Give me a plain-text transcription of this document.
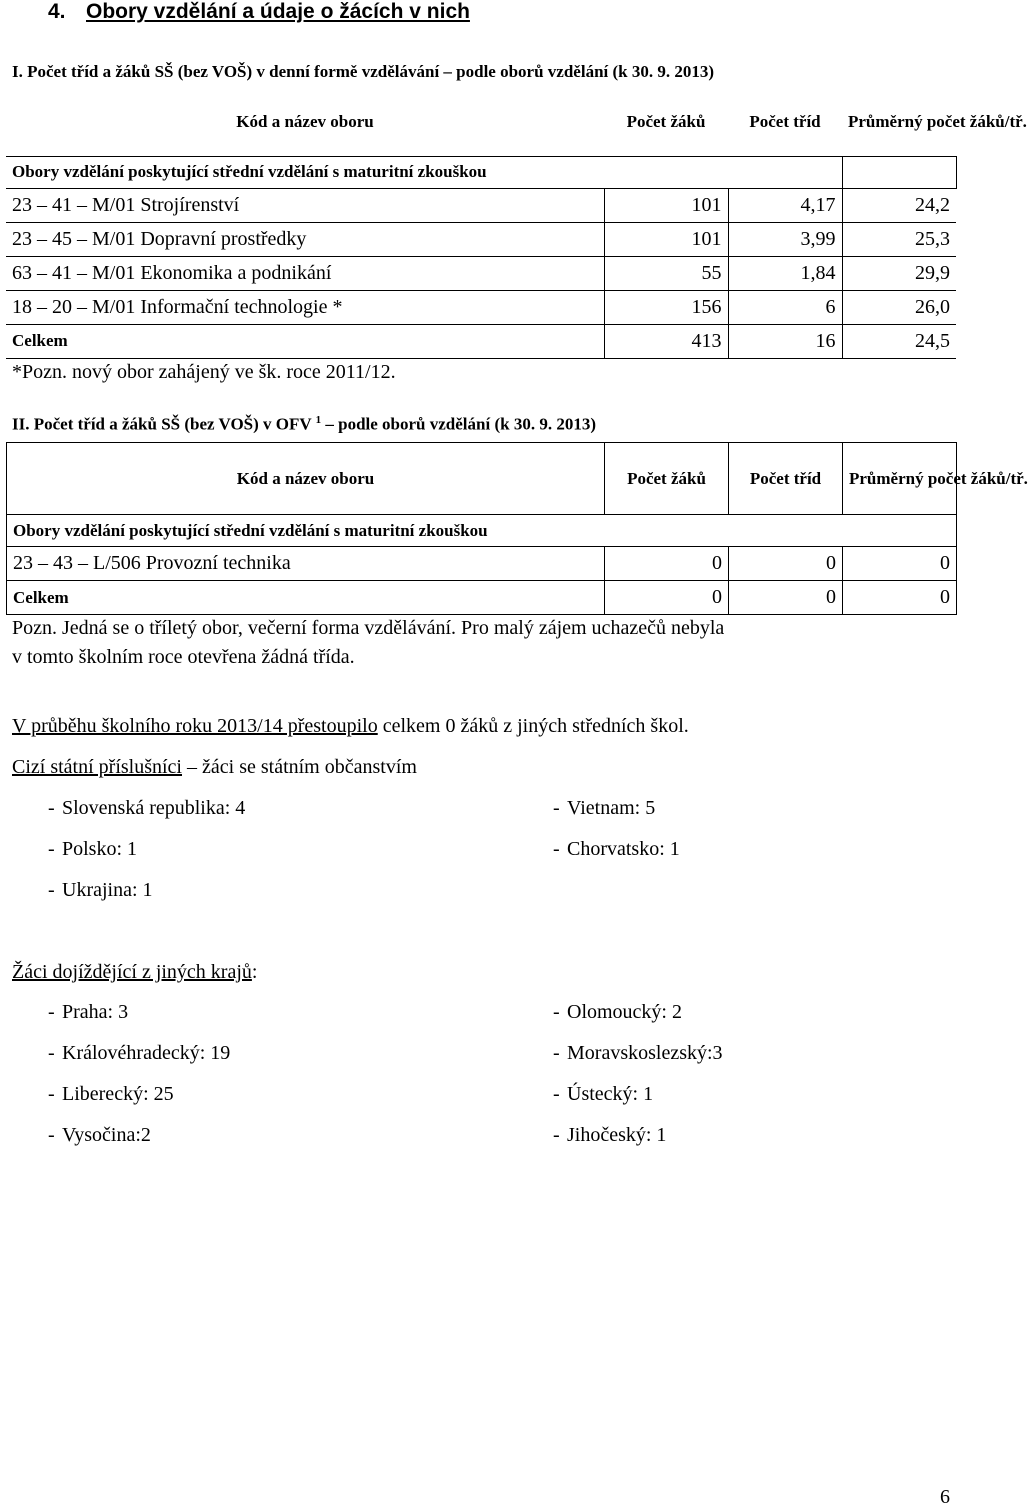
4. Obory vzdělání a údaje o žácích v nich
I. Počet tříd a žáků SŠ (bez VOŠ) v denní formě vzdělávání – podle oborů vzdělání (k 30. 9. 2013)
Kód a název oboru	Počet žáků	Počet tříd	Průměrný počet žáků/tř.
Obory vzdělání poskytující střední vzdělání s maturitní zkouškou			
23 – 41 – M/01 Strojírenství	101	4,17	24,2
23 – 45 – M/01 Dopravní prostředky	101	3,99	25,3
63 – 41 – M/01 Ekonomika a podnikání	55	1,84	29,9
18 – 20 – M/01 Informační technologie *	156	6	26,0
Celkem	413	16	24,5
*Pozn. nový obor zahájený ve šk. roce 2011/12.
II. Počet tříd a žáků SŠ (bez VOŠ) v OFV $^1$ – podle oborů vzdělání (k 30. 9. 2013)
Kód a název oboru	Počet žáků	Počet tříd	Průměrný počet žáků/tř.
Obory vzdělání poskytující střední vzdělání s maturitní zkouškou			
23 – 43 – L/506 Provozní technika	0	0	0
Celkem	0	0	0
Pozn. Jedná se o tříletý obor, večerní forma vzdělávání. Pro malý zájem uchazečů nebyla
v tomto školním roce otevřena žádná třída.
V průběhu školního roku 2013/14 přestoupilo celkem 0 žáků z jiných středních škol.
Cizí státní příslušníci – žáci se státním občanstvím
- Slovenská republika: 4	- Vietnam: 5
- Polsko: 1	- Chorvatsko: 1
- Ukrajina: 1
Žáci dojíždějící z jiných krajů:
- Praha: 3	- Olomoucký: 2
- Královéhradecký: 19	- Moravskoslezský:3
- Liberecký: 25	- Ústecký: 1
- Vysočina:2	- Jihočeský: 1
6
